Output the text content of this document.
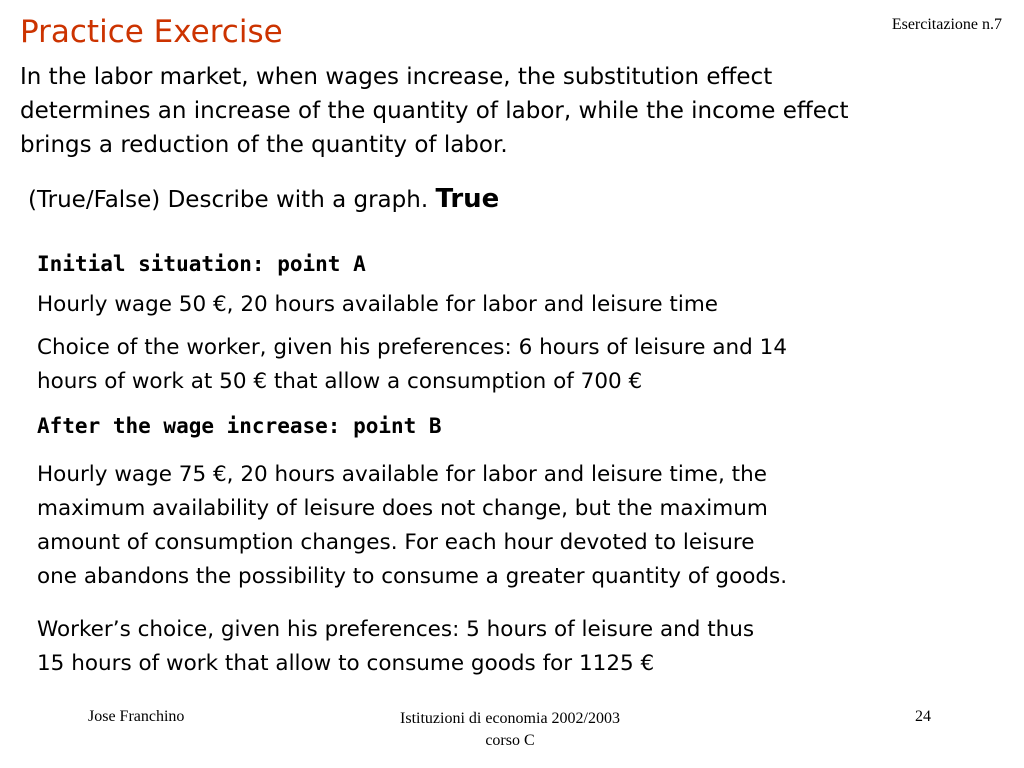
Practice Exercise	Esercitazione n.7
In the labor market, when wages increase, the substitution effect
determines an increase of the quantity of labor, while the income effect
brings a reduction of the quantity of labor.
(True/False) Describe with a graph. True
Initial situation: point A
Hourly wage 50 €, 20 hours available for labor and leisure time
Choice of the worker, given his preferences: 6 hours of leisure and 14
hours of work at 50 € that allow a consumption of 700 €
After the wage increase: point B
Hourly wage 75 €, 20 hours available for labor and leisure time, the
maximum availability of leisure does not change, but the maximum
amount of consumption changes. For each hour devoted to leisure
one abandons the possibility to consume a greater quantity of goods.
Worker’s choice, given his preferences: 5 hours of leisure and thus
15 hours of work that allow to consume goods for 1125 €
Jose Franchino	Istituzioni di economia 2002/2003
corso C
24
